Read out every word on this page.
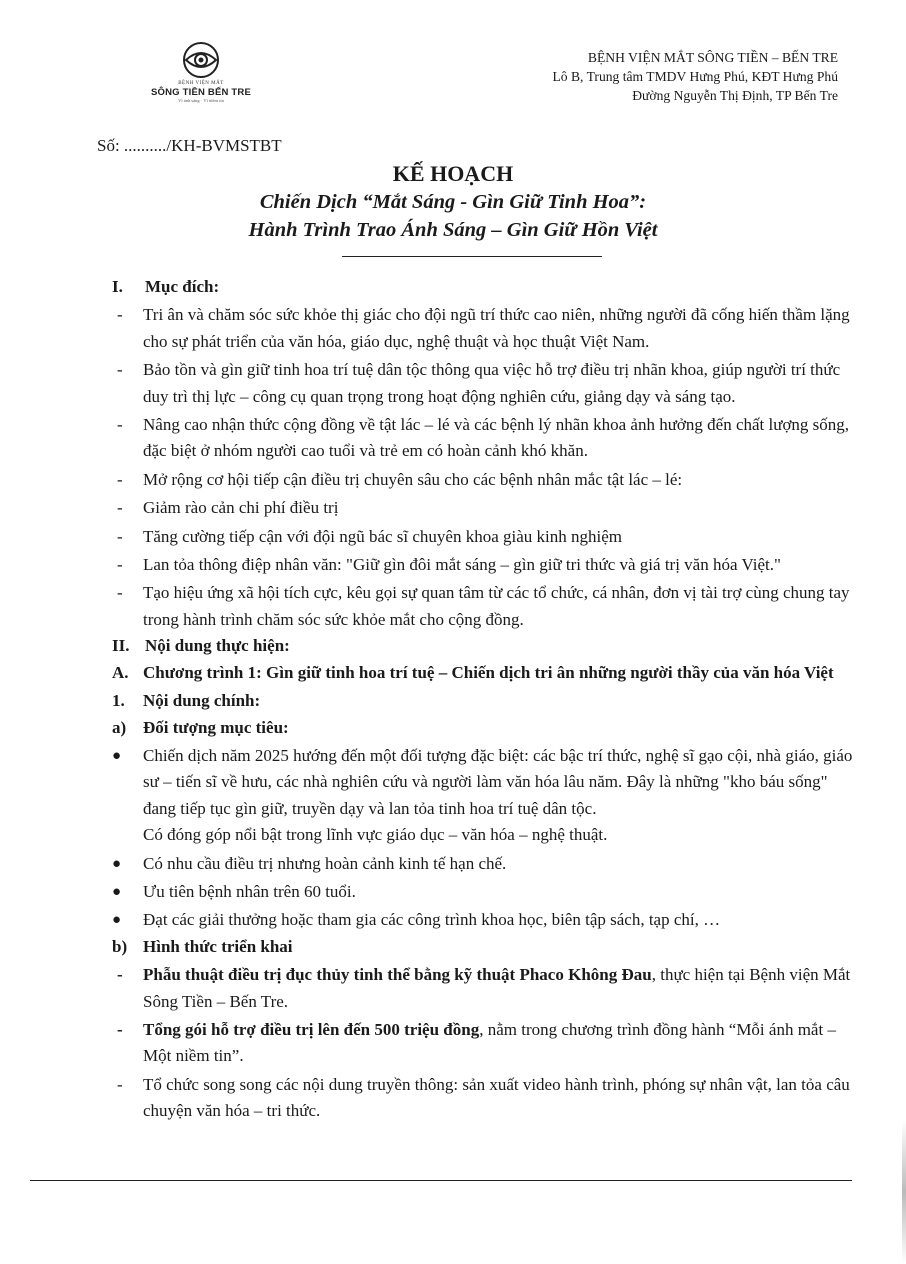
BỆNH VIỆN MẮT
SÔNG TIỀN BẾN TRE
Vì ánh sáng · Vì niềm tin
BỆNH VIỆN MẮT SÔNG TIỀN – BẾN TRE
Lô B, Trung tâm TMDV Hưng Phú, KĐT Hưng Phú
Đường Nguyễn Thị Định, TP Bến Tre
Số: ........../KH-BVMSTBT
KẾ HOẠCH
Chiến Dịch “Mắt Sáng - Gìn Giữ Tinh Hoa”:
Hành Trình Trao Ánh Sáng – Gìn Giữ Hồn Việt
I. Mục đích:
- Tri ân và chăm sóc sức khỏe thị giác cho đội ngũ trí thức cao niên, những người đã cống hiến thầm lặng cho sự phát triển của văn hóa, giáo dục, nghệ thuật và học thuật Việt Nam.
- Bảo tồn và gìn giữ tinh hoa trí tuệ dân tộc thông qua việc hỗ trợ điều trị nhãn khoa, giúp người trí thức duy trì thị lực – công cụ quan trọng trong hoạt động nghiên cứu, giảng dạy và sáng tạo.
- Nâng cao nhận thức cộng đồng về tật lác – lé và các bệnh lý nhãn khoa ảnh hưởng đến chất lượng sống, đặc biệt ở nhóm người cao tuổi và trẻ em có hoàn cảnh khó khăn.
- Mở rộng cơ hội tiếp cận điều trị chuyên sâu cho các bệnh nhân mắc tật lác – lé:
- Giảm rào cản chi phí điều trị
- Tăng cường tiếp cận với đội ngũ bác sĩ chuyên khoa giàu kinh nghiệm
- Lan tỏa thông điệp nhân văn: "Giữ gìn đôi mắt sáng – gìn giữ tri thức và giá trị văn hóa Việt."
- Tạo hiệu ứng xã hội tích cực, kêu gọi sự quan tâm từ các tổ chức, cá nhân, đơn vị tài trợ cùng chung tay trong hành trình chăm sóc sức khỏe mắt cho cộng đồng.
II. Nội dung thực hiện:
A. Chương trình 1: Gìn giữ tinh hoa trí tuệ – Chiến dịch tri ân những người thầy của văn hóa Việt
1. Nội dung chính:
a) Đối tượng mục tiêu:
● Chiến dịch năm 2025 hướng đến một đối tượng đặc biệt: các bậc trí thức, nghệ sĩ gạo cội, nhà giáo, giáo sư – tiến sĩ về hưu, các nhà nghiên cứu và người làm văn hóa lâu năm. Đây là những "kho báu sống" đang tiếp tục gìn giữ, truyền dạy và lan tỏa tinh hoa trí tuệ dân tộc.
Có đóng góp nổi bật trong lĩnh vực giáo dục – văn hóa – nghệ thuật.
● Có nhu cầu điều trị nhưng hoàn cảnh kinh tế hạn chế.
● Ưu tiên bệnh nhân trên 60 tuổi.
● Đạt các giải thưởng hoặc tham gia các công trình khoa học, biên tập sách, tạp chí, …
b) Hình thức triển khai
- Phẫu thuật điều trị đục thủy tinh thể bằng kỹ thuật Phaco Không Đau, thực hiện tại Bệnh viện Mắt Sông Tiền – Bến Tre.
- Tổng gói hỗ trợ điều trị lên đến 500 triệu đồng, nằm trong chương trình đồng hành “Mỗi ánh mắt – Một niềm tin”.
- Tổ chức song song các nội dung truyền thông: sản xuất video hành trình, phóng sự nhân vật, lan tỏa câu chuyện văn hóa – tri thức.
